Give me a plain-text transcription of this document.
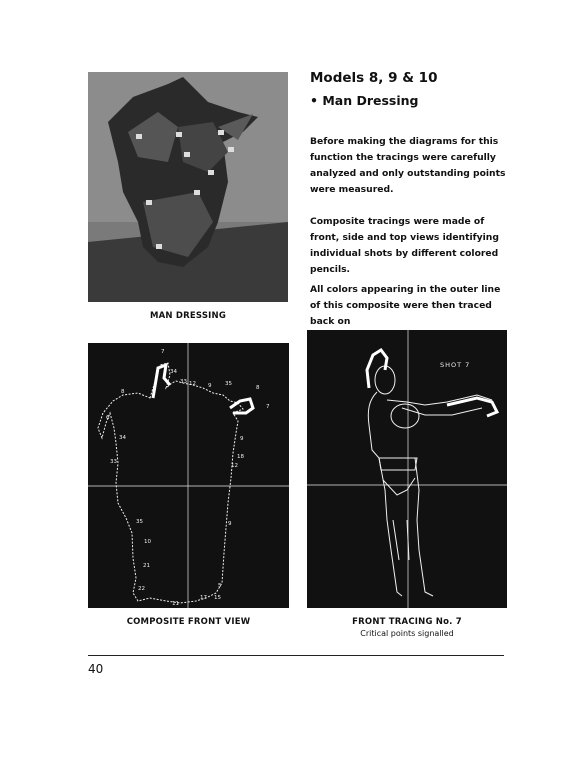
MAN DRESSING

Models 8, 9 & 10

• Man Dressing

Before making the diagrams for this function the tracings were carefully analyzed and only outstanding points were measured.

Composite tracings were made of front, side and top views identifying individual shots by different colored pencils.

All colors appearing in the outer line of this composite were then traced back on

7
34
33 12 9 35
8
8
7
6
34
33
9
18
12
35	9
10
21
22
11
17
5
15
COMPOSITE FRONT VIEW
SHOT 7
FRONT TRACING No. 7
Critical points signalled
40
